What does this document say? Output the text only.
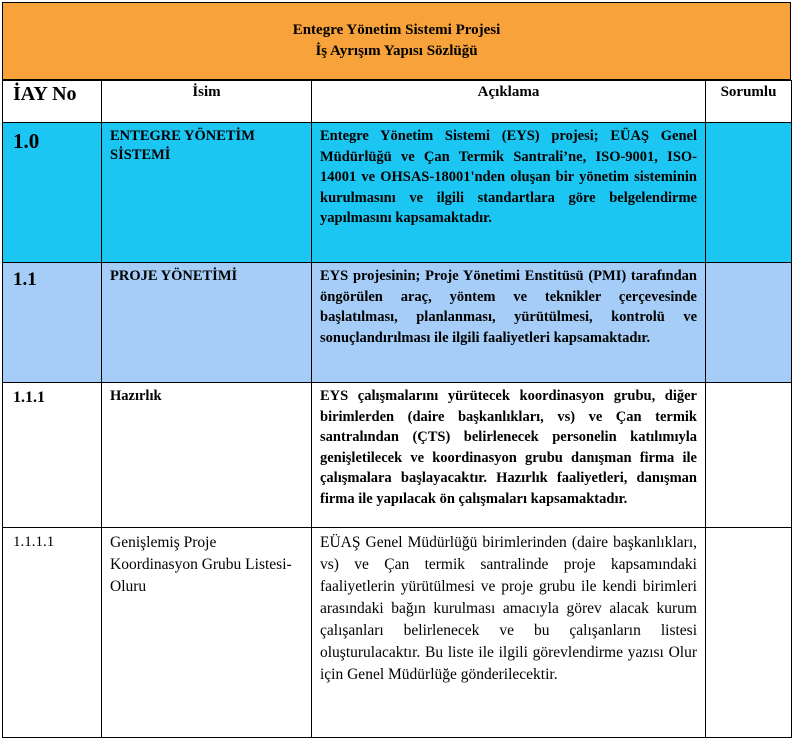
Entegre Yönetim Sistemi Projesi
İş Ayrışım Yapısı Sözlüğü
İAY No	İsim	Açıklama	Sorumlu
1.0	ENTEGRE YÖNETİM SİSTEMİ	Entegre Yönetim Sistemi (EYS) projesi; EÜAŞ Genel Müdürlüğü ve Çan Termik Santrali’ne, ISO-9001, ISO-14001 ve OHSAS-18001'nden oluşan bir yönetim sisteminin kurulmasını ve ilgili standartlara göre belgelendirme yapılmasını kapsamaktadır.	
1.1	PROJE YÖNETİMİ	EYS projesinin; Proje Yönetimi Enstitüsü (PMI) tarafından öngörülen araç, yöntem ve teknikler çerçevesinde başlatılması, planlanması, yürütülmesi, kontrolü ve sonuçlandırılması ile ilgili faaliyetleri kapsamaktadır.	
1.1.1	Hazırlık	EYS çalışmalarını yürütecek koordinasyon grubu, diğer birimlerden (daire başkanlıkları, vs) ve Çan termik santralından (ÇTS) belirlenecek personelin katılımıyla genişletilecek ve koordinasyon grubu danışman firma ile çalışmalara başlayacaktır. Hazırlık faaliyetleri, danışman firma ile yapılacak ön çalışmaları kapsamaktadır.	
1.1.1.1	Genişlemiş Proje Koordinasyon Grubu Listesi-Oluru	EÜAŞ Genel Müdürlüğü birimlerinden (daire başkanlıkları, vs) ve Çan termik santralinde proje kapsamındaki faaliyetlerin yürütülmesi ve proje grubu ile kendi birimleri arasındaki bağın kurulması amacıyla görev alacak kurum çalışanları belirlenecek ve bu çalışanların listesi oluşturulacaktır. Bu liste ile ilgili görevlendirme yazısı Olur için Genel Müdürlüğe gönderilecektir.	
